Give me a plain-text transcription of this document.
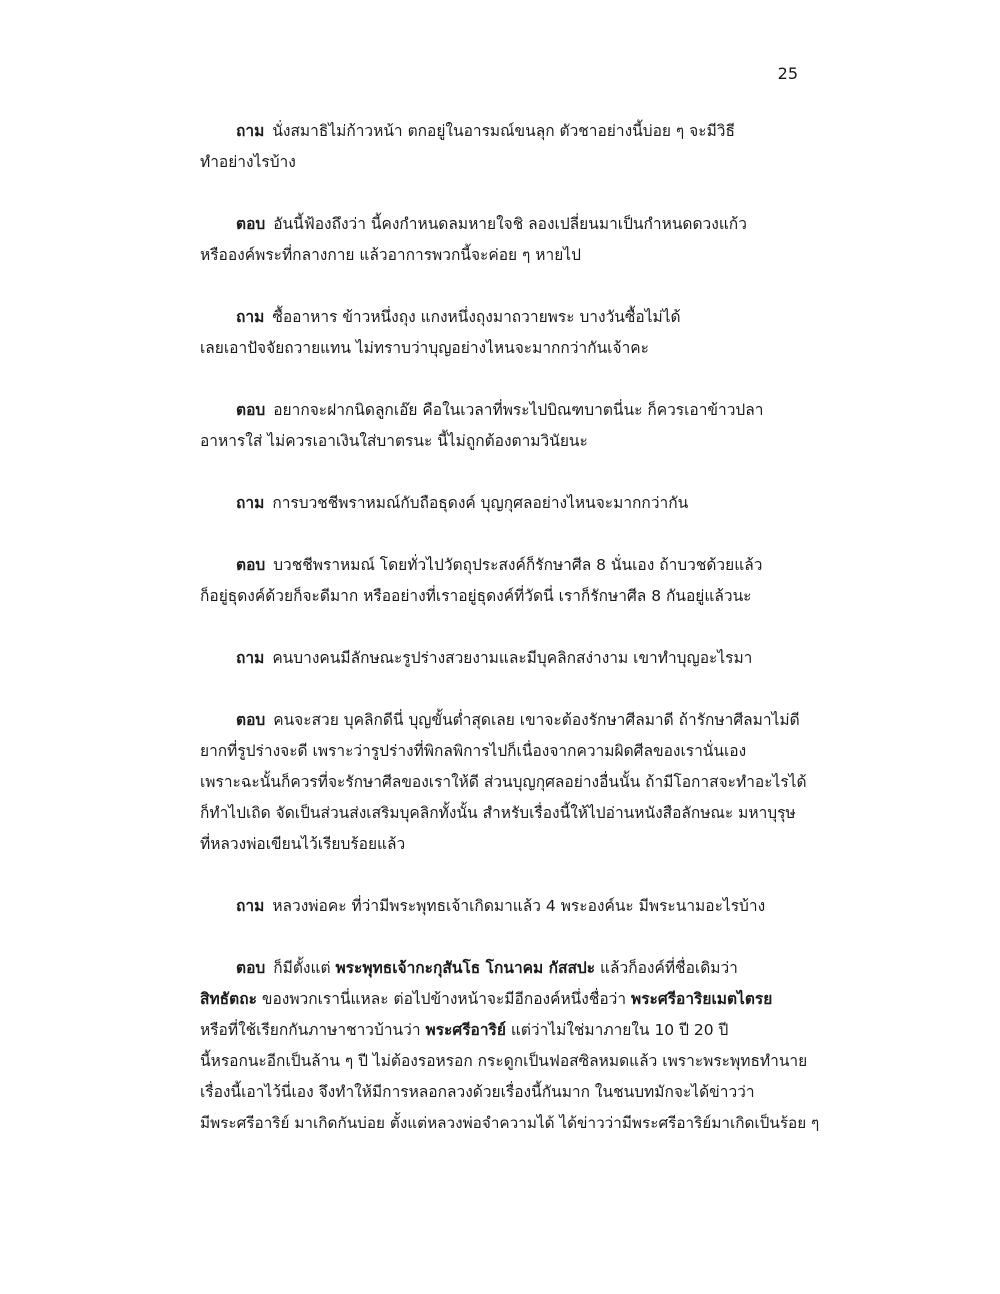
25
ถาม นั่งสมาธิไม่ก้าวหน้า ตกอยู่ในอารมณ์ขนลุก ตัวชาอย่างนี้บ่อย ๆ จะมีวิธี
ทำอย่างไรบ้าง
ตอบ อันนี้ฟ้องถึงว่า นี้คงกำหนดลมหายใจชิ ลองเปลี่ยนมาเป็นกำหนดดวงแก้ว
หรือองค์พระที่กลางกาย แล้วอาการพวกนี้จะค่อย ๆ หายไป
ถาม ซื้ออาหาร ข้าวหนึ่งถุง แกงหนึ่งถุงมาถวายพระ บางวันซื้อไม่ได้
เลยเอาปัจจัยถวายแทน ไม่ทราบว่าบุญอย่างไหนจะมากกว่ากันเจ้าคะ
ตอบ อยากจะฝากนิดลูกเอ๊ย คือในเวลาที่พระไปบิณฑบาตนี่นะ ก็ควรเอาข้าวปลา
อาหารใส่ ไม่ควรเอาเงินใส่บาตรนะ นี้ไม่ถูกต้องตามวินัยนะ
ถาม การบวชชีพราหมณ์กับถือธุดงค์ บุญกุศลอย่างไหนจะมากกว่ากัน
ตอบ บวชชีพราหมณ์ โดยทั่วไปวัตถุประสงค์ก็รักษาศีล 8 นั่นเอง ถ้าบวชด้วยแล้ว
ก็อยู่ธุดงค์ด้วยก็จะดีมาก หรืออย่างที่เราอยู่ธุดงค์ที่วัดนี่ เราก็รักษาศีล 8 กันอยู่แล้วนะ
ถาม คนบางคนมีลักษณะรูปร่างสวยงามและมีบุคลิกสง่างาม เขาทำบุญอะไรมา
ตอบ คนจะสวย บุคลิกดีนี่ บุญขั้นต่ำสุดเลย เขาจะต้องรักษาศีลมาดี ถ้ารักษาศีลมาไม่ดี
ยากที่รูปร่างจะดี เพราะว่ารูปร่างที่พิกลพิการไปก็เนื่องจากความผิดศีลของเรานั่นเอง
เพราะฉะนั้นก็ควรที่จะรักษาศีลของเราให้ดี ส่วนบุญกุศลอย่างอื่นนั้น ถ้ามีโอกาสจะทำอะไรได้
ก็ทำไปเถิด จัดเป็นส่วนส่งเสริมบุคลิกทั้งนั้น สำหรับเรื่องนี้ให้ไปอ่านหนังสือลักษณะ มหาบุรุษ
ที่หลวงพ่อเขียนไว้เรียบร้อยแล้ว
ถาม หลวงพ่อคะ ที่ว่ามีพระพุทธเจ้าเกิดมาแล้ว 4 พระองค์นะ มีพระนามอะไรบ้าง
ตอบ ก็มีตั้งแต่ พระพุทธเจ้ากะกุสันโธ โกนาคม กัสสปะ แล้วก็องค์ที่ชื่อเดิมว่า
สิทธัตถะ ของพวกเรานี่แหละ ต่อไปข้างหน้าจะมีอีกองค์หนึ่งชื่อว่า พระศรีอาริยเมตไตรย
หรือที่ใช้เรียกกันภาษาชาวบ้านว่า พระศรีอาริย์ แต่ว่าไม่ใช่มาภายใน 10 ปี 20 ปี
นี้หรอกนะอีกเป็นล้าน ๆ ปี ไม่ต้องรอหรอก กระดูกเป็นฟอสซิลหมดแล้ว เพราะพระพุทธทำนาย
เรื่องนี้เอาไว้นี่เอง จึงทำให้มีการหลอกลวงด้วยเรื่องนี้กันมาก ในชนบทมักจะได้ข่าวว่า
มีพระศรีอาริย์ มาเกิดกันบ่อย ตั้งแต่หลวงพ่อจำความได้ ได้ข่าวว่ามีพระศรีอาริย์มาเกิดเป็นร้อย ๆ
